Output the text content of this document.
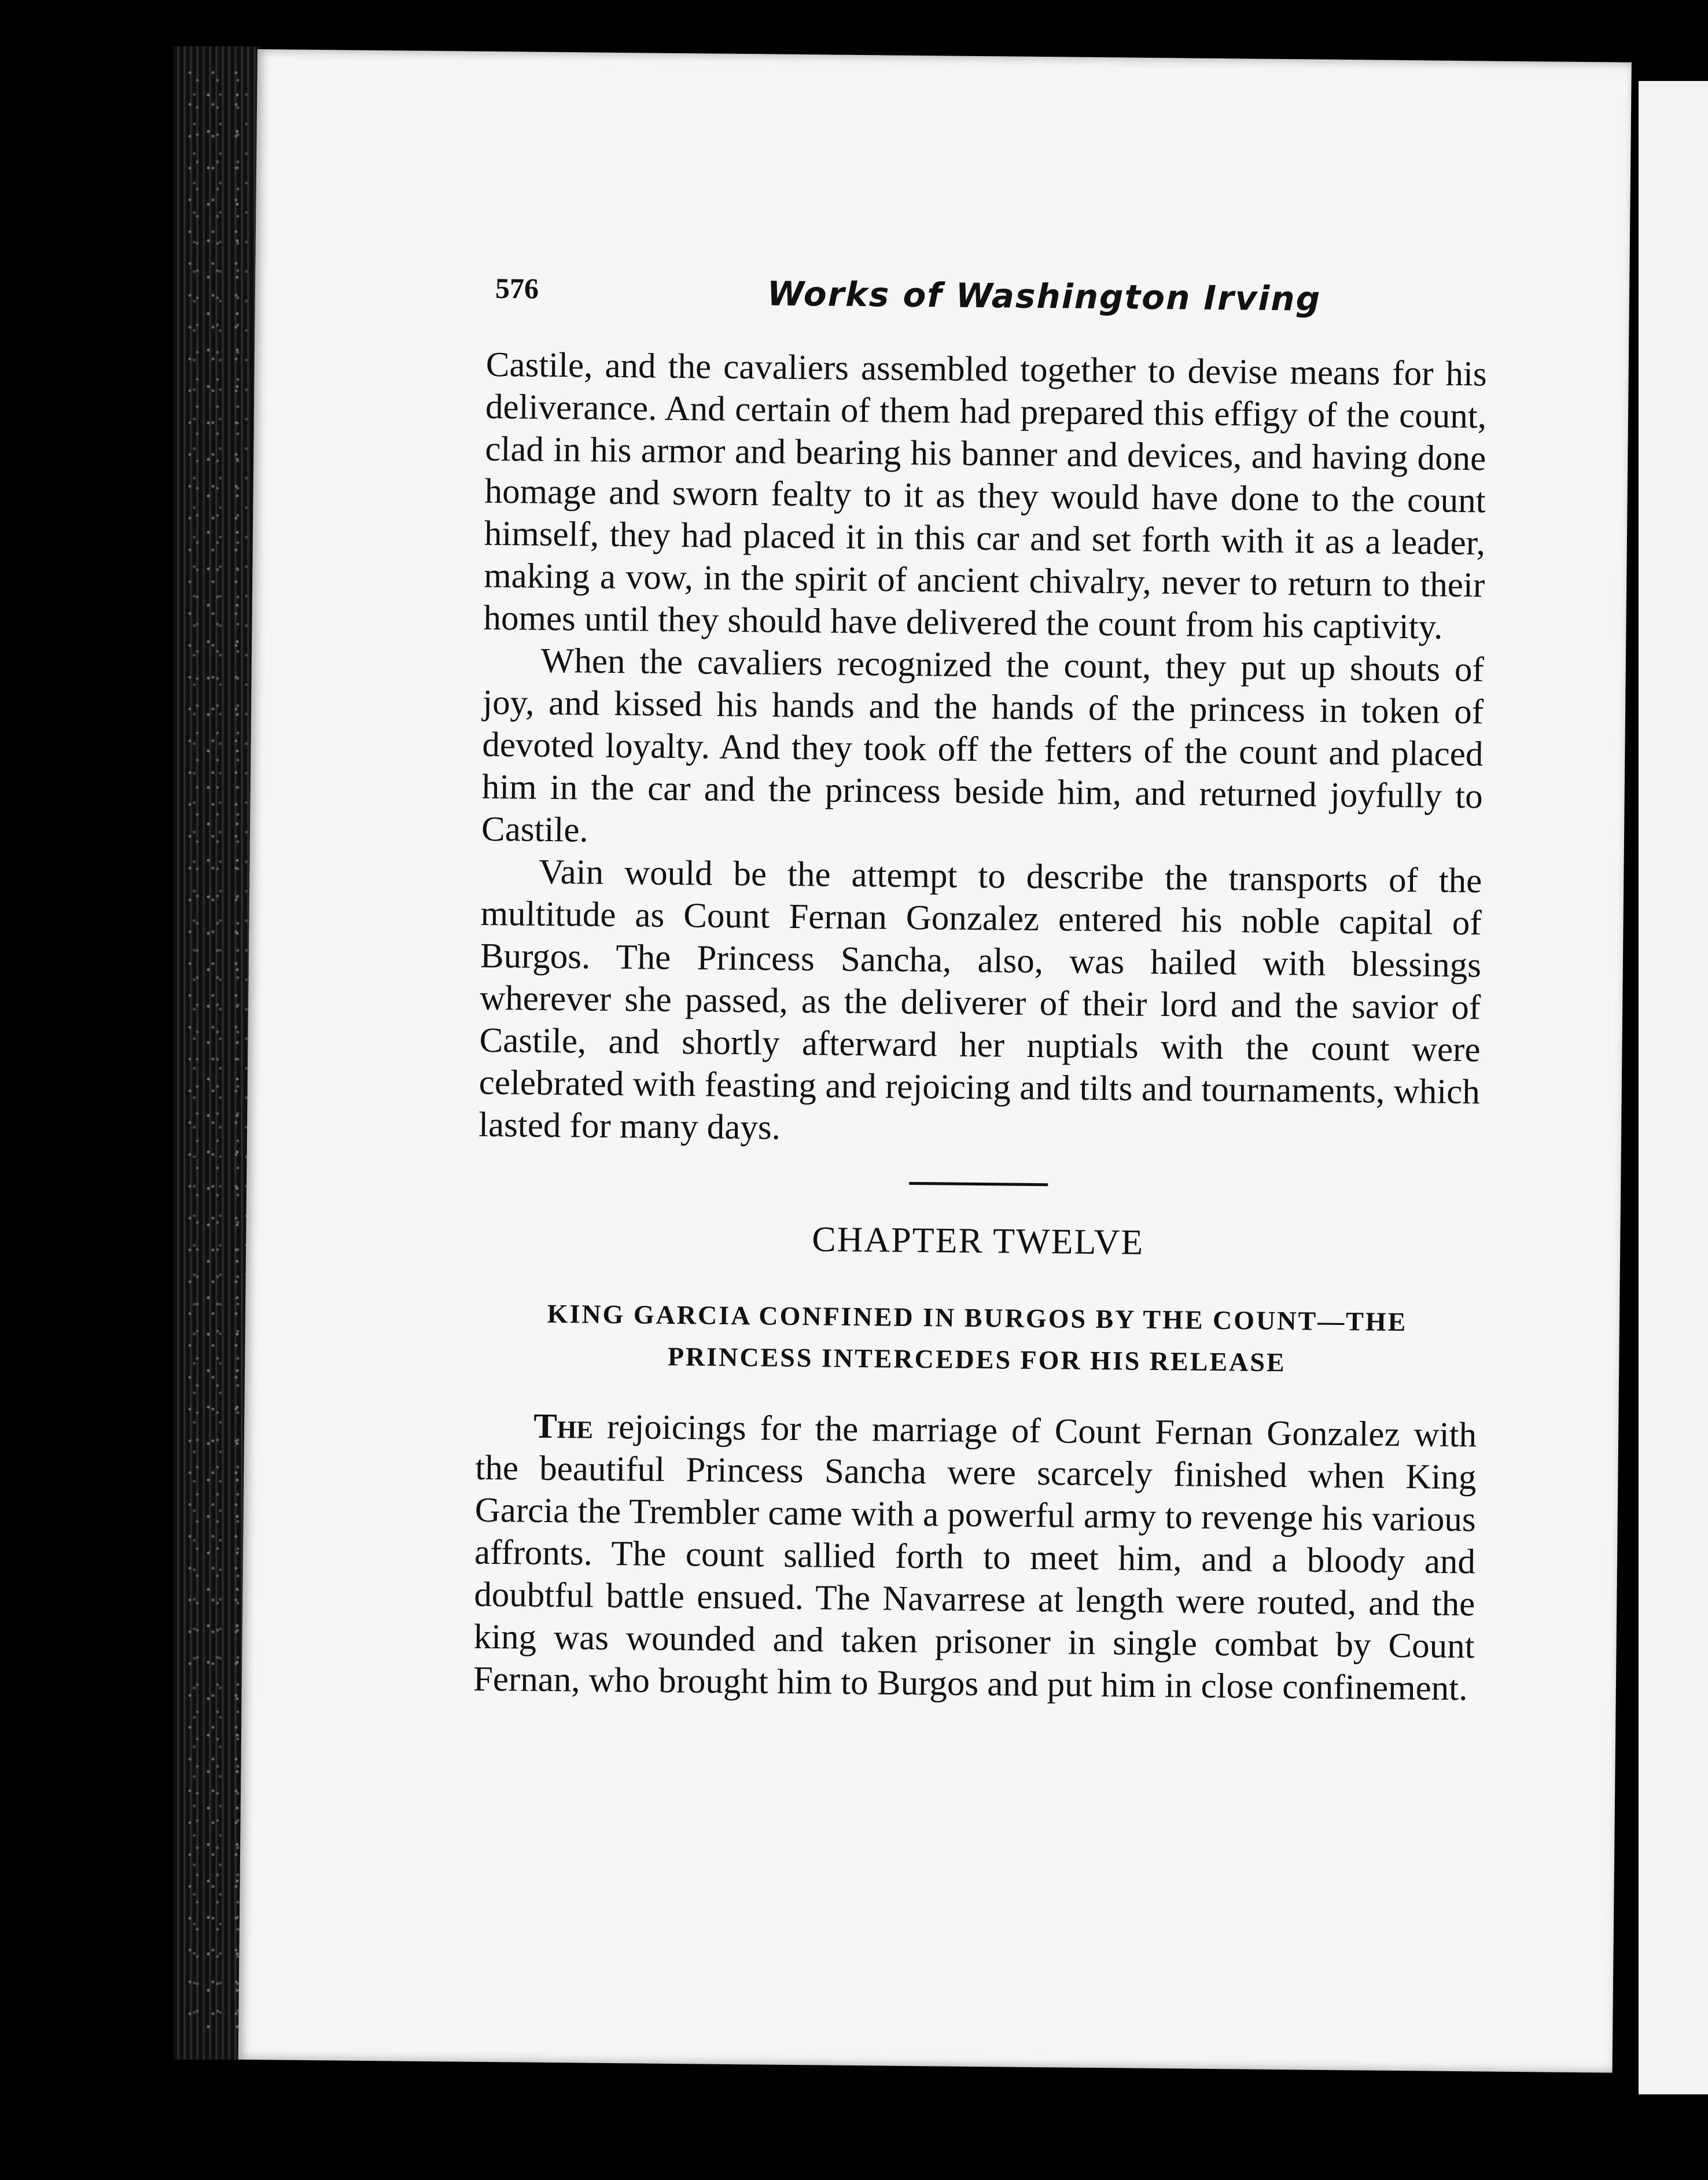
576	Works of Washington Irving

Castile, and the cavaliers assembled together to devise means for his deliverance. And certain of them had prepared this effigy of the count, clad in his armor and bearing his banner and devices, and having done homage and sworn fealty to it as they would have done to the count himself, they had placed it in this car and set forth with it as a leader, making a vow, in the spirit of ancient chivalry, never to return to their homes until they should have delivered the count from his captivity.

When the cavaliers recognized the count, they put up shouts of joy, and kissed his hands and the hands of the princess in token of devoted loyalty. And they took off the fetters of the count and placed him in the car and the princess beside him, and returned joyfully to Castile.

Vain would be the attempt to describe the transports of the multitude as Count Fernan Gonzalez entered his noble capital of Burgos. The Princess Sancha, also, was hailed with blessings wherever she passed, as the deliverer of their lord and the savior of Castile, and shortly afterward her nuptials with the count were celebrated with feasting and rejoicing and tilts and tournaments, which lasted for many days.

CHAPTER TWELVE
KING GARCIA CONFINED IN BURGOS BY THE COUNT—THE PRINCESS INTERCEDES FOR HIS RELEASE

The rejoicings for the marriage of Count Fernan Gonzalez with the beautiful Princess Sancha were scarcely finished when King Garcia the Trembler came with a powerful army to revenge his various affronts. The count sallied forth to meet him, and a bloody and doubtful battle ensued. The Navarrese at length were routed, and the king was wounded and taken prisoner in single combat by Count Fernan, who brought him to Burgos and put him in close confinement.
